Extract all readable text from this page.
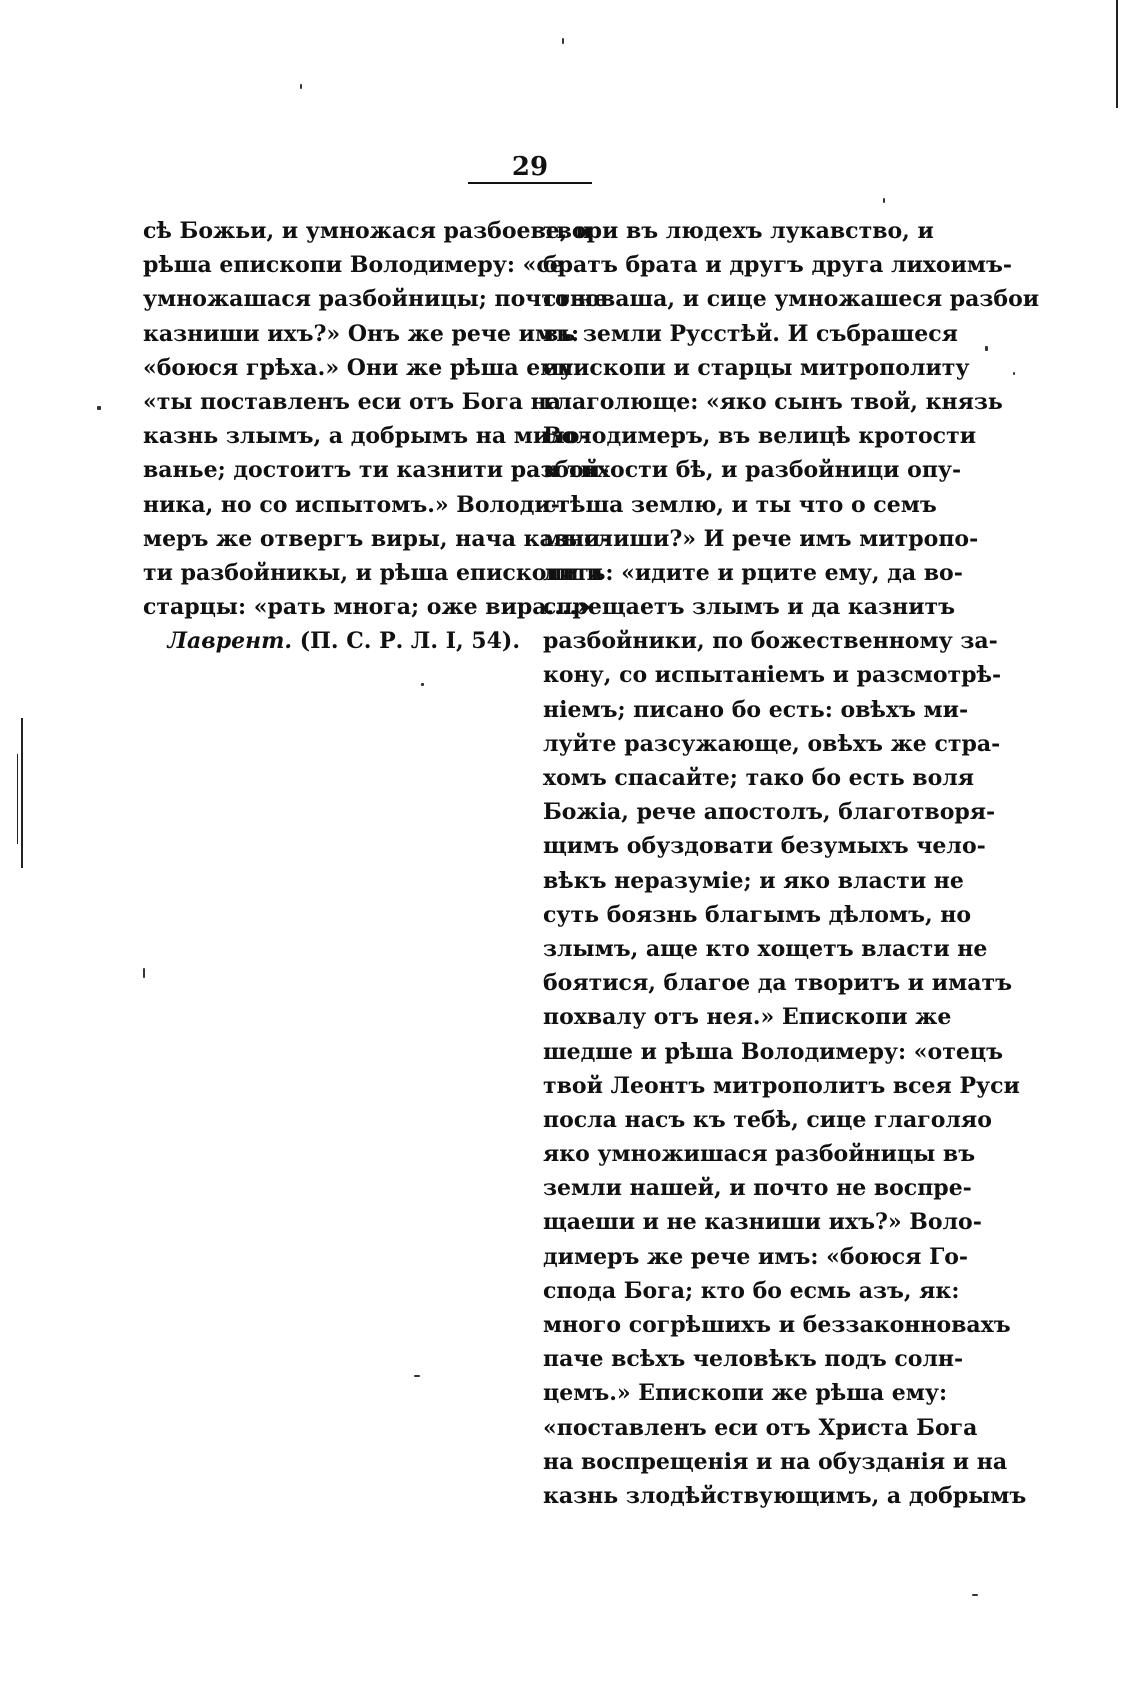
29
сѣ Божьи, и умножася разбоеве, и
рѣша епископи Володимеру: «се
умножашася разбойницы; почто не
казниши ихъ?» Онъ же рече имъ:
«боюся грѣха.» Они же рѣша ему:
«ты поставленъ еси отъ Бога на
казнь злымъ, а добрымъ на мило-
ванье; достоитъ ти казнити разбой-
ника, но со испытомъ.» Володи-
меръ же отвергъ виры, нача казни-
ти разбойникы, и рѣша епископи и
старцы: «рать многа; оже вира....»
Лаврент. (П. С. Р. Л. I, 54).
твори въ людехъ лукавство, и
братъ брата и другъ друга лихоимъ-
ствоваша, и сице умножашеся разбои
въ земли Русстѣй. И събрашеся
епископи и старцы митрополиту
глаголюще: «яко сынъ твой, князь
Володимеръ, въ велицѣ кротости
и тихости бѣ, и разбойници опу-
стѣша землю, и ты что о семъ
мыслиши?» И рече имъ митропо-
литъ: «идите и рците ему, да во-
спрещаетъ злымъ и да казнитъ
разбойники, по божественному за-
кону, со испытаніемъ и разсмотрѣ-
ніемъ; писано бо есть: овѣхъ ми-
луйте разсужающе, овѣхъ же стра-
хомъ спасайте; тако бо есть воля
Божіа, рече апостолъ, благотворя-
щимъ обуздовати безумыхъ чело-
вѣкъ неразуміе; и яко власти не
суть боязнь благымъ дѣломъ, но
злымъ, аще кто хощетъ власти не
боятися, благое да творитъ и иматъ
похвалу отъ нея.» Епископи же
шедше и рѣша Володимеру: «отецъ
твой Леонтъ митрополитъ всея Руси
посла насъ къ тебѣ, сице глаголяо
яко умножишася разбойницы въ
земли нашей, и почто не воспре-
щаеши и не казниши ихъ?» Воло-
димеръ же рече имъ: «боюся Го-
спода Бога; кто бо есмь азъ, як:
много согрѣшихъ и беззаконновахъ
паче всѣхъ человѣкъ подъ солн-
цемъ.» Епископи же рѣша ему:
«поставленъ еси отъ Христа Бога
на воспрещенія и на обузданія и на
казнь злодѣйствующимъ, а добрымъ
